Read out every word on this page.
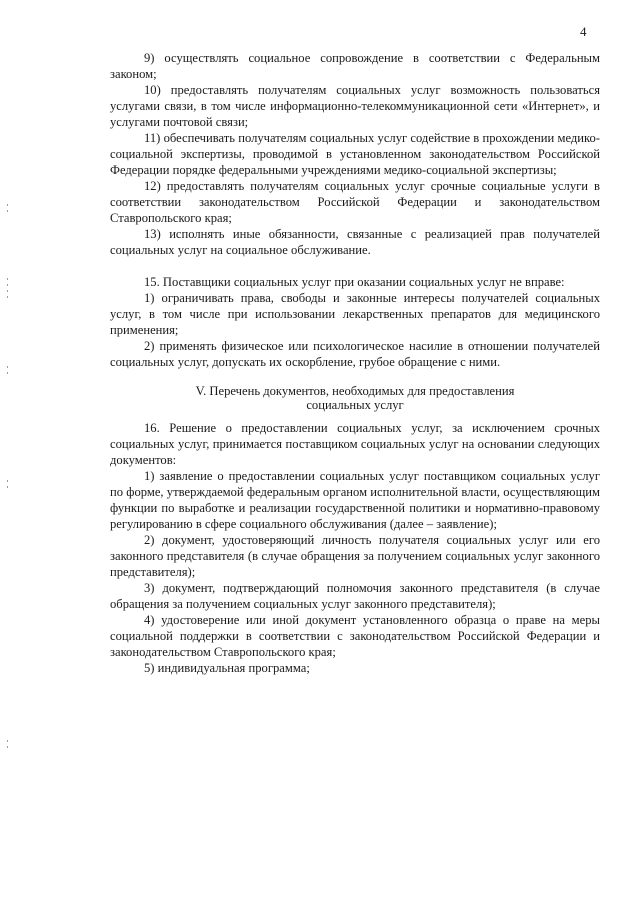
4

9) осуществлять социальное сопровождение в соответствии с Федеральным законом;

10) предоставлять получателям социальных услуг возможность пользоваться услугами связи, в том числе информационно-телекоммуникационной сети «Интернет», и услугами почтовой связи;

11) обеспечивать получателям социальных услуг содействие в прохождении медико-социальной экспертизы, проводимой в установленном законодательством Российской Федерации порядке федеральными учреждениями медико-социальной экспертизы;

12) предоставлять получателям социальных услуг срочные социальные услуги в соответствии законодательством Российской Федерации и законодательством Ставропольского края;

13) исполнять иные обязанности, связанные с реализацией прав получателей социальных услуг на социальное обслуживание.

15. Поставщики социальных услуг при оказании социальных услуг не вправе:

1) ограничивать права, свободы и законные интересы получателей социальных услуг, в том числе при использовании лекарственных препаратов для медицинского применения;

2) применять физическое или психологическое насилие в отношении получателей социальных услуг, допускать их оскорбление, грубое обращение с ними.

V. Перечень документов, необходимых для предоставления
социальных услуг

16. Решение о предоставлении социальных услуг, за исключением срочных социальных услуг, принимается поставщиком социальных услуг на основании следующих документов:

1) заявление о предоставлении социальных услуг поставщиком социальных услуг по форме, утверждаемой федеральным органом исполнительной власти, осуществляющим функции по выработке и реализации государственной политики и нормативно-правовому регулированию в сфере социального обслуживания (далее – заявление);

2) документ, удостоверяющий личность получателя социальных услуг или его законного представителя (в случае обращения за получением социальных услуг законного представителя);

3) документ, подтверждающий полномочия законного представителя (в случае обращения за получением социальных услуг законного представителя);

4) удостоверение или иной документ установленного образца о праве на меры социальной поддержки в соответствии с законодательством Российской Федерации и законодательством Ставропольского края;

5) индивидуальная программа;
